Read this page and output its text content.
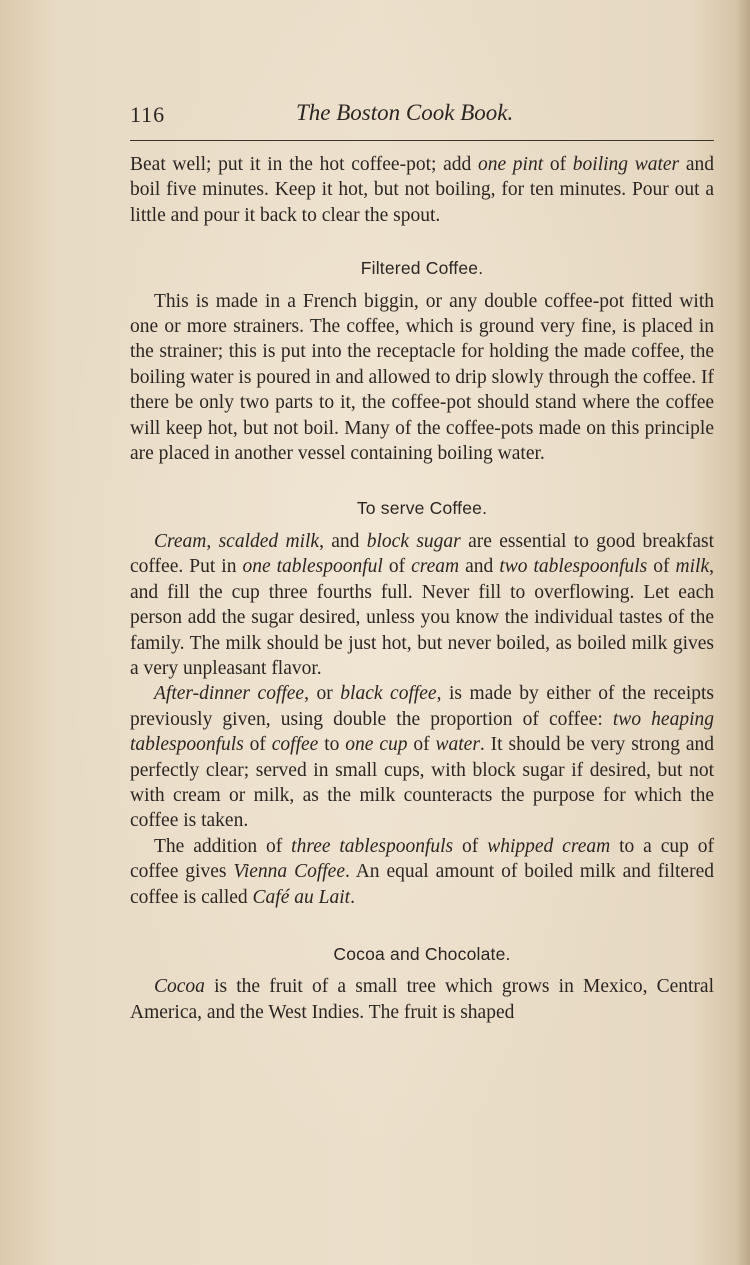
116	The Boston Cook Book.

Beat well; put it in the hot coffee-pot; add one pint of boiling water and boil five minutes. Keep it hot, but not boiling, for ten minutes. Pour out a little and pour it back to clear the spout.

Filtered Coffee.

This is made in a French biggin, or any double coffee-pot fitted with one or more strainers. The coffee, which is ground very fine, is placed in the strainer; this is put into the receptacle for holding the made coffee, the boiling water is poured in and allowed to drip slowly through the coffee. If there be only two parts to it, the coffee-pot should stand where the coffee will keep hot, but not boil. Many of the coffee-pots made on this principle are placed in another vessel containing boiling water.

To serve Coffee.

Cream, scalded milk, and block sugar are essential to good breakfast coffee. Put in one tablespoonful of cream and two tablespoonfuls of milk, and fill the cup three fourths full. Never fill to overflowing. Let each person add the sugar desired, unless you know the individual tastes of the family. The milk should be just hot, but never boiled, as boiled milk gives a very unpleasant flavor.

After-dinner coffee, or black coffee, is made by either of the receipts previously given, using double the proportion of coffee: two heaping tablespoonfuls of coffee to one cup of water. It should be very strong and perfectly clear; served in small cups, with block sugar if desired, but not with cream or milk, as the milk counteracts the purpose for which the coffee is taken.

The addition of three tablespoonfuls of whipped cream to a cup of coffee gives Vienna Coffee. An equal amount of boiled milk and filtered coffee is called Café au Lait.

Cocoa and Chocolate.

Cocoa is the fruit of a small tree which grows in Mexico, Central America, and the West Indies. The fruit is shaped
